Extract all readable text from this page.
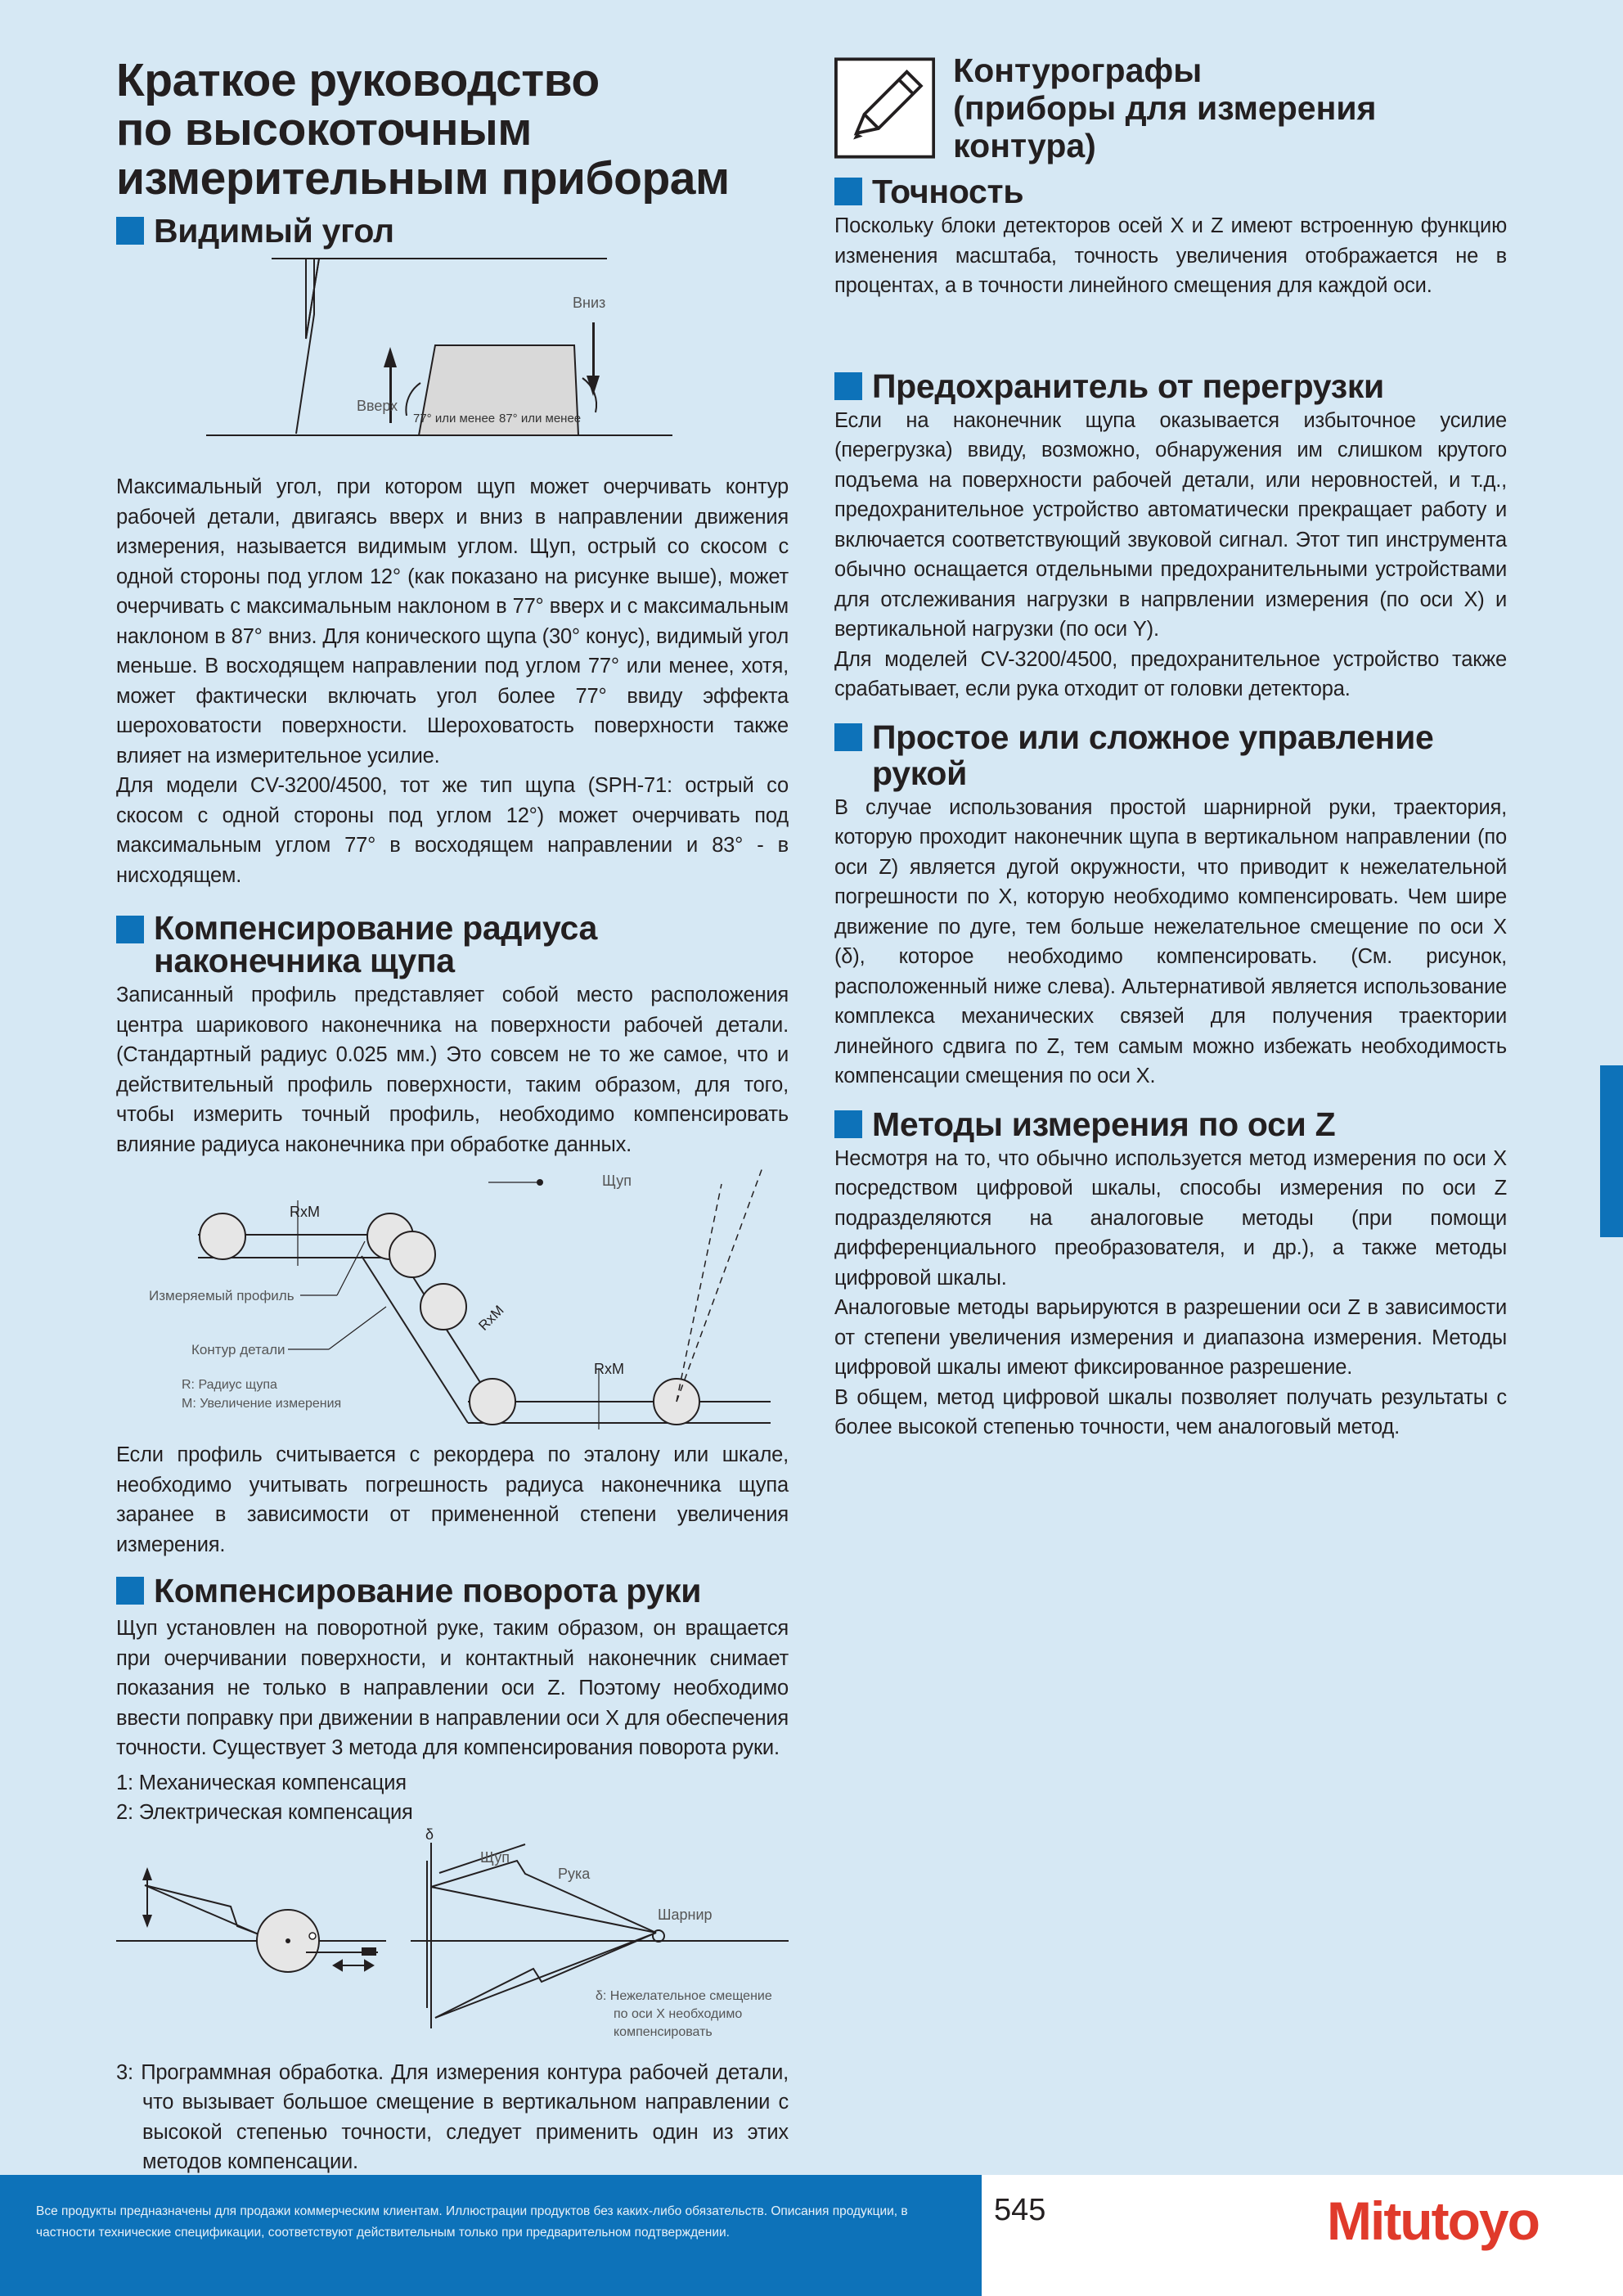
Краткое руководство
по высокоточным
измерительным приборам
Видимый угол
Вниз
Вверх
77° или менее 87° или менее

Максимальный угол, при котором щуп может очерчивать контур рабочей детали, двигаясь вверх и вниз в направлении движения измерения, называется видимым углом. Щуп, острый со скосом с одной стороны под углом 12° (как показано на рисунке выше), может очерчивать с максимальным наклоном в 77° вверх и с максимальным наклоном в 87° вниз. Для конического щупа (30° конус), видимый угол меньше. В восходящем направлении под углом 77° или менее, хотя, может фактически включать угол более 77° ввиду эффекта шероховатости поверхности. Шероховатость поверхности также влияет на измерительное усилие.

Для модели CV-3200/4500, тот же тип щупа (SPH-71: острый со скосом с одной стороны под углом 12°) может очерчивать под максимальным углом 77° в восходящем направлении и 83° - в нисходящем.

Компенсирование радиуса
наконечника щупа

Записанный профиль представляет собой место расположения центра шарикового наконечника на поверхности рабочей детали. (Стандартный радиус 0.025 мм.) Это совсем не то же самое, что и действительный профиль поверхности, таким образом, для того, чтобы измерить точный профиль, необходимо компенсировать влияние радиуса наконечника при обработке данных.

Щуп
RxM
RxM
RxM
Измеряемый профиль
Контур детали
R: Радиус щупа
M: Увеличение измерения

Если профиль считывается с рекордера по эталону или шкале, необходимо учитывать погрешность радиуса наконечника щупа заранее в зависимости от примененной степени увеличения измерения.

Компенсирование поворота руки

Щуп установлен на поворотной руке, таким образом, он вращается при очерчивании поверхности, и контактный наконечник снимает показания не только в направлении оси Z. Поэтому необходимо ввести поправку при движении в направлении оси X для обеспечения точности. Существует 3 метода для компенсирования поворота руки.

1: Механическая компенсация

2: Электрическая компенсация

δ
Щуп
Рука
Шарнир
δ: Нежелательное смещение
по оси X необходимо
компенсировать

3: Программная обработка. Для измерения контура рабочей детали, что вызывает большое смещение в вертикальном направлении с высокой степенью точности, следует применить один из этих методов компенсации.

Контурографы
(приборы для измерения контура)
Точность

Поскольку блоки детекторов осей X и Z имеют встроенную функцию изменения масштаба, точность увеличения отображается не в процентах, а в точности линейного смещения для каждой оси.

Предохранитель от перегрузки

Если на наконечник щупа оказывается избыточное усилие (перегрузка) ввиду, возможно, обнаружения им слишком крутого подъема на поверхности рабочей детали, или неровностей, и т.д., предохранительное устройство автоматически прекращает работу и включается соответствующий звуковой сигнал. Этот тип инструмента обычно оснащается отдельными предохранительными устройствами для отслеживания нагрузки в напрвлении измерения (по оси X) и вертикальной нагрузки (по оси Y).

Для моделей CV-3200/4500, предохранительное устройство также срабатывает, если рука отходит от головки детектора.

Простое или сложное управление рукой

В случае использования простой шарнирной руки, траектория, которую проходит наконечник щупа в вертикальном направлении (по оси Z) является дугой окружности, что приводит к нежелательной погрешности по X, которую необходимо компенсировать. Чем шире движение по дуге, тем больше нежелательное смещение по оси X (δ), которое необходимо компенсировать. (См. рисунок, расположенный ниже слева). Альтернативой является использование комплекса механических связей для получения траектории линейного сдвига по Z, тем самым можно избежать необходимость компенсации смещения по оси X.

Методы измерения по оси Z

Несмотря на то, что обычно используется метод измерения по оси X посредством цифровой шкалы, способы измерения по оси Z подразделяются на аналоговые методы (при помощи дифференциального преобразователя, и др.), а также методы цифровой шкалы.

Аналоговые методы варьируются в разрешении оси Z в зависимости от степени увеличения измерения и диапазона измерения. Методы цифровой шкалы имеют фиксированное разрешение.

В общем, метод цифровой шкалы позволяет получать результаты с более высокой степенью точности, чем аналоговый метод.

Все продукты предназначены для продажи коммерческим клиентам. Иллюстрации продуктов без каких-либо обязательств. Описания продукции, в частности технические спецификации, соответствуют действительным только при предварительном подтверждении.
545	Mitutoyo
